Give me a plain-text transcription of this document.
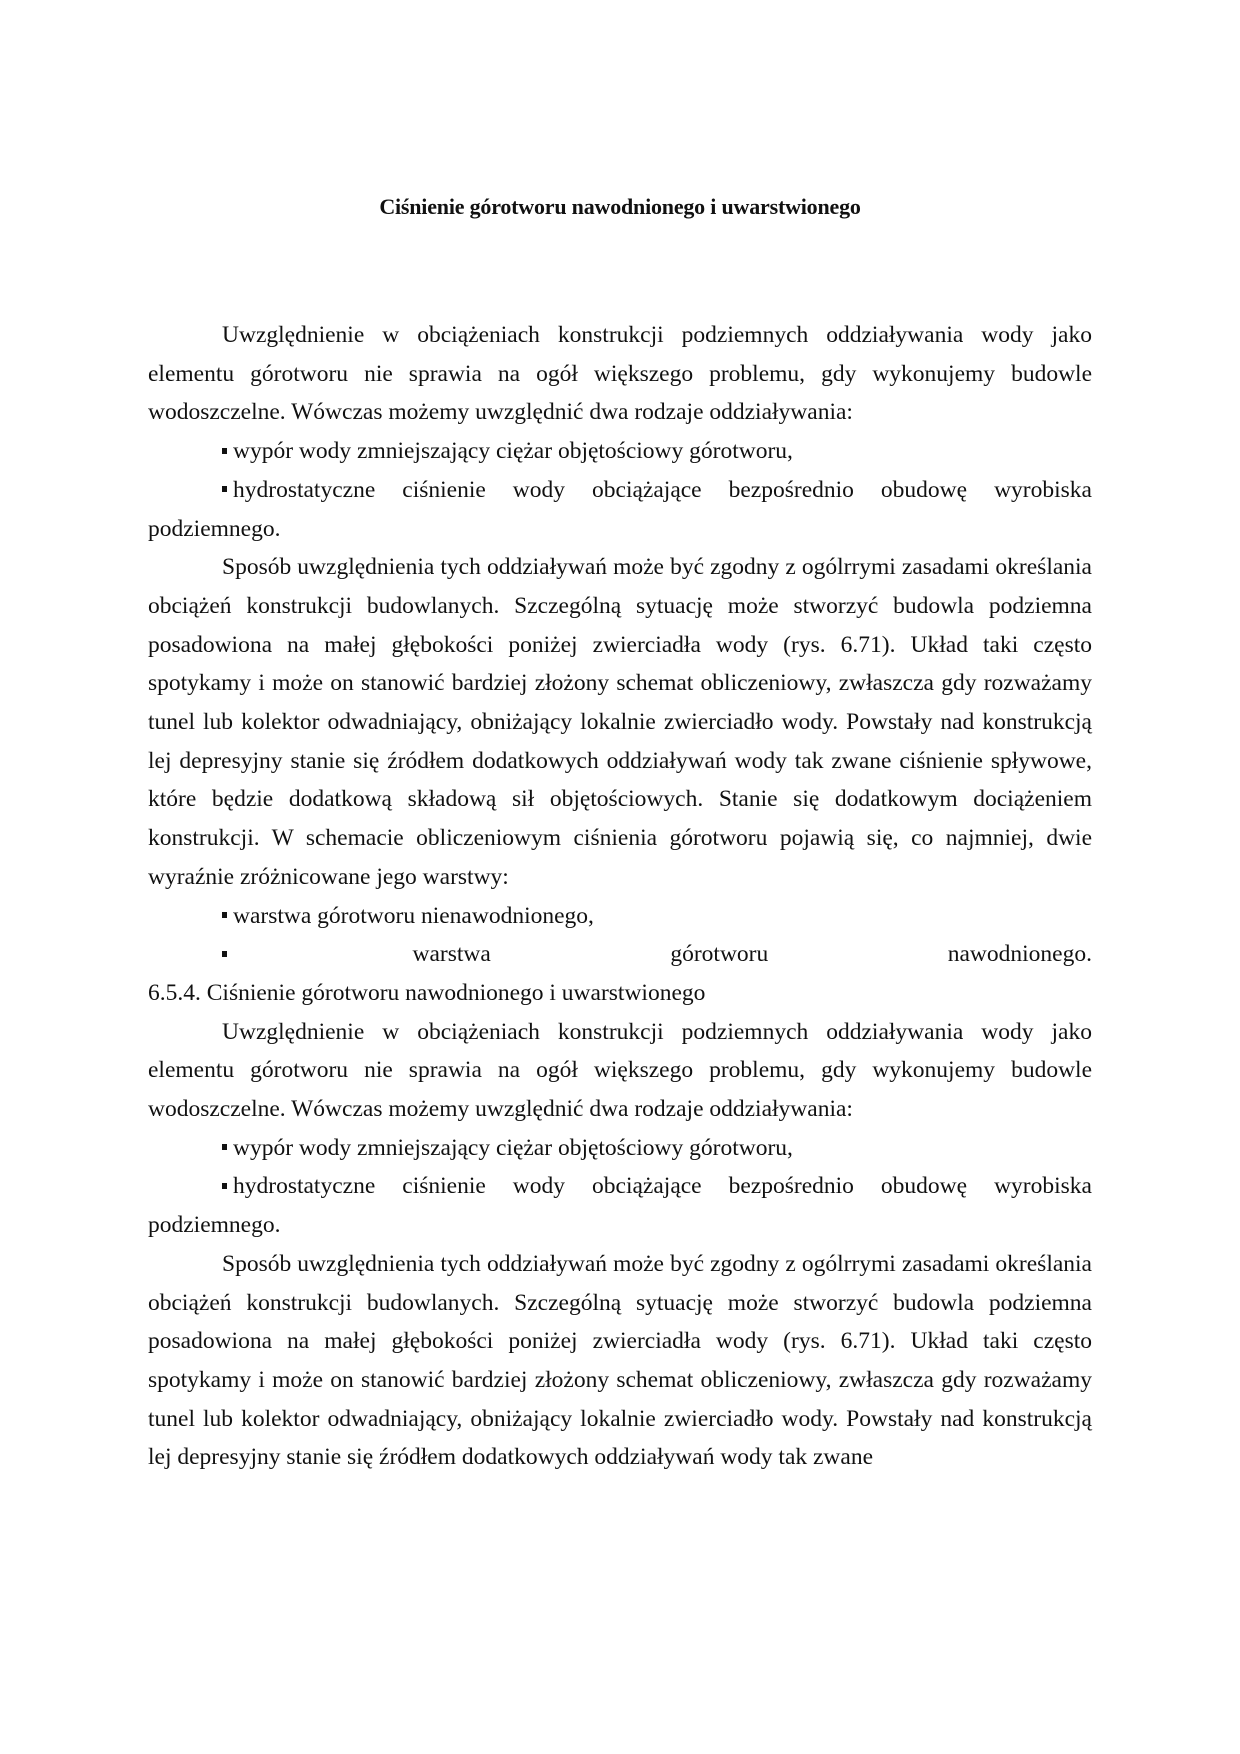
Ciśnienie górotworu nawodnionego i uwarstwionego

Uwzględnienie w obciążeniach konstrukcji podziemnych oddziaływania wody jako elementu górotworu nie sprawia na ogół większego problemu, gdy wykonujemy budowle wodoszczelne. Wówczas możemy uwzględnić dwa rodzaje oddziaływania:

wypór wody zmniejszający ciężar objętościowy górotworu,

hydrostatyczne ciśnienie wody obciążające bezpośrednio obudowę wyrobiska podziemnego.

Sposób uwzględnienia tych oddziaływań może być zgodny z ogólrrymi zasadami określania obciążeń konstrukcji budowlanych. Szczególną sytuację może stworzyć budowla podziemna posadowiona na małej głębokości poniżej zwierciadła wody (rys. 6.71). Układ taki często spotykamy i może on stanowić bardziej złożony schemat obliczeniowy, zwłaszcza gdy rozważamy tunel lub kolektor odwadniający, obniżający lokalnie zwierciadło wody. Powstały nad konstrukcją lej depresyjny stanie się źródłem dodatkowych oddziaływań wody tak zwane ciśnienie spływowe, które będzie dodatkową składową sił objętościowych. Stanie się dodatkowym dociążeniem konstrukcji. W schemacie obliczeniowym ciśnienia górotworu pojawią się, co najmniej, dwie wyraźnie zróżnicowane jego warstwy:

warstwa górotworu nienawodnionego,

warstwa górotworu nawodnionego.

6.5.4. Ciśnienie górotworu nawodnionego i uwarstwionego

Uwzględnienie w obciążeniach konstrukcji podziemnych oddziaływania wody jako elementu górotworu nie sprawia na ogół większego problemu, gdy wykonujemy budowle wodoszczelne. Wówczas możemy uwzględnić dwa rodzaje oddziaływania:

wypór wody zmniejszający ciężar objętościowy górotworu,

hydrostatyczne ciśnienie wody obciążające bezpośrednio obudowę wyrobiska podziemnego.

Sposób uwzględnienia tych oddziaływań może być zgodny z ogólrrymi zasadami określania obciążeń konstrukcji budowlanych. Szczególną sytuację może stworzyć budowla podziemna posadowiona na małej głębokości poniżej zwierciadła wody (rys. 6.71). Układ taki często spotykamy i może on stanowić bardziej złożony schemat obliczeniowy, zwłaszcza gdy rozważamy tunel lub kolektor odwadniający, obniżający lokalnie zwierciadło wody. Powstały nad konstrukcją lej depresyjny stanie się źródłem dodatkowych oddziaływań wody tak zwane
